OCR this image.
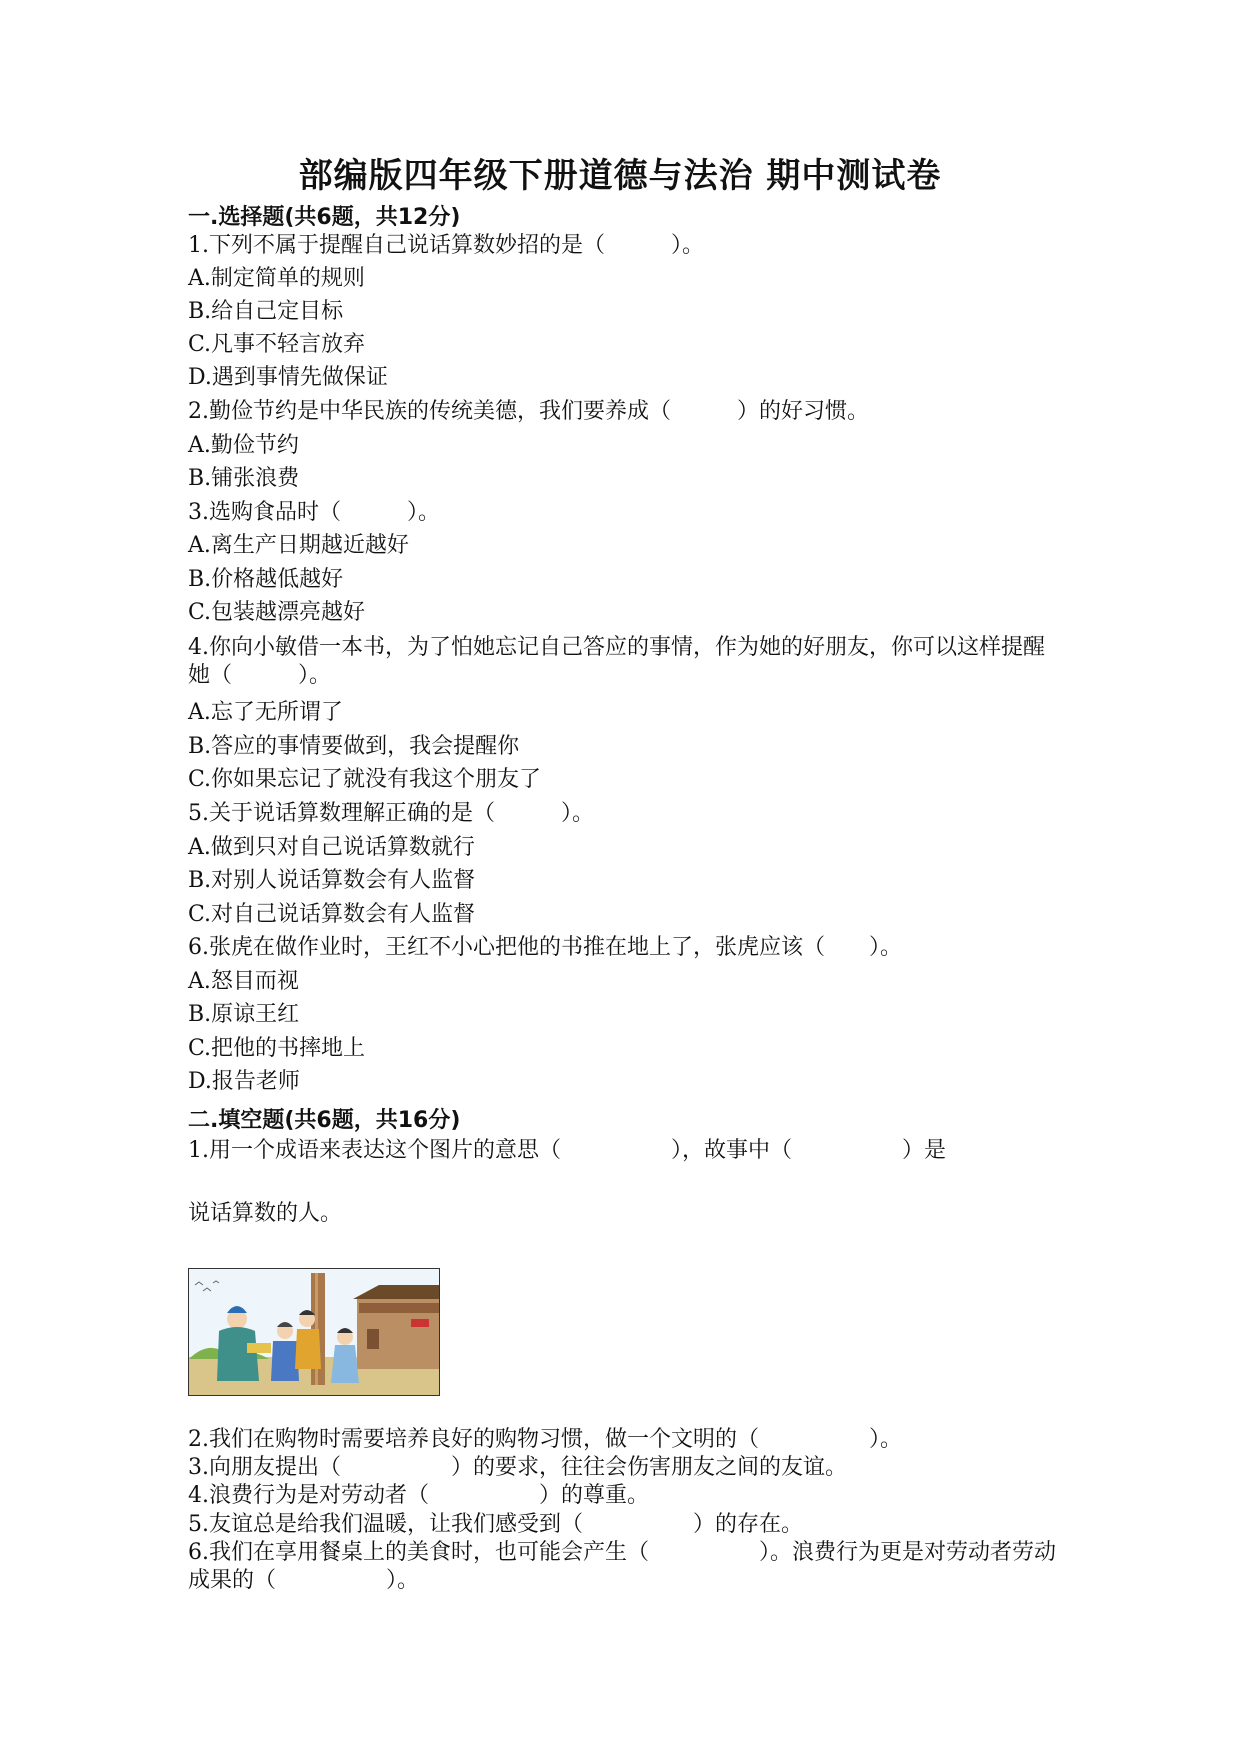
部编版四年级下册道德与法治 期中测试卷
一.选择题(共6题，共12分)

1.下列不属于提醒自己说话算数妙招的是（　　　）。

A.制定简单的规则

B.给自己定目标

C.凡事不轻言放弃

D.遇到事情先做保证

2.勤俭节约是中华民族的传统美德，我们要养成（　　　）的好习惯。

A.勤俭节约

B.铺张浪费

3.选购食品时（　　　）。

A.离生产日期越近越好

B.价格越低越好

C.包装越漂亮越好

4.你向小敏借一本书，为了怕她忘记自己答应的事情，作为她的好朋友，你可以这样提醒她（　　　）。

A.忘了无所谓了

B.答应的事情要做到，我会提醒你

C.你如果忘记了就没有我这个朋友了

5.关于说话算数理解正确的是（　　　）。

A.做到只对自己说话算数就行

B.对别人说话算数会有人监督

C.对自己说话算数会有人监督

6.张虎在做作业时，王红不小心把他的书推在地上了，张虎应该（　　）。

A.怒目而视

B.原谅王红

C.把他的书摔地上

D.报告老师

二.填空题(共6题，共16分)

1.用一个成语来表达这个图片的意思（　　　　　），故事中（　　　　　）是

说话算数的人。

2.我们在购物时需要培养良好的购物习惯，做一个文明的（　　　　　）。

3.向朋友提出（　　　　　）的要求，往往会伤害朋友之间的友谊。

4.浪费行为是对劳动者（　　　　　）的尊重。

5.友谊总是给我们温暖，让我们感受到（　　　　　）的存在。

6.我们在享用餐桌上的美食时，也可能会产生（　　　　　）。浪费行为更是对劳动者劳动成果的（　　　　　）。
